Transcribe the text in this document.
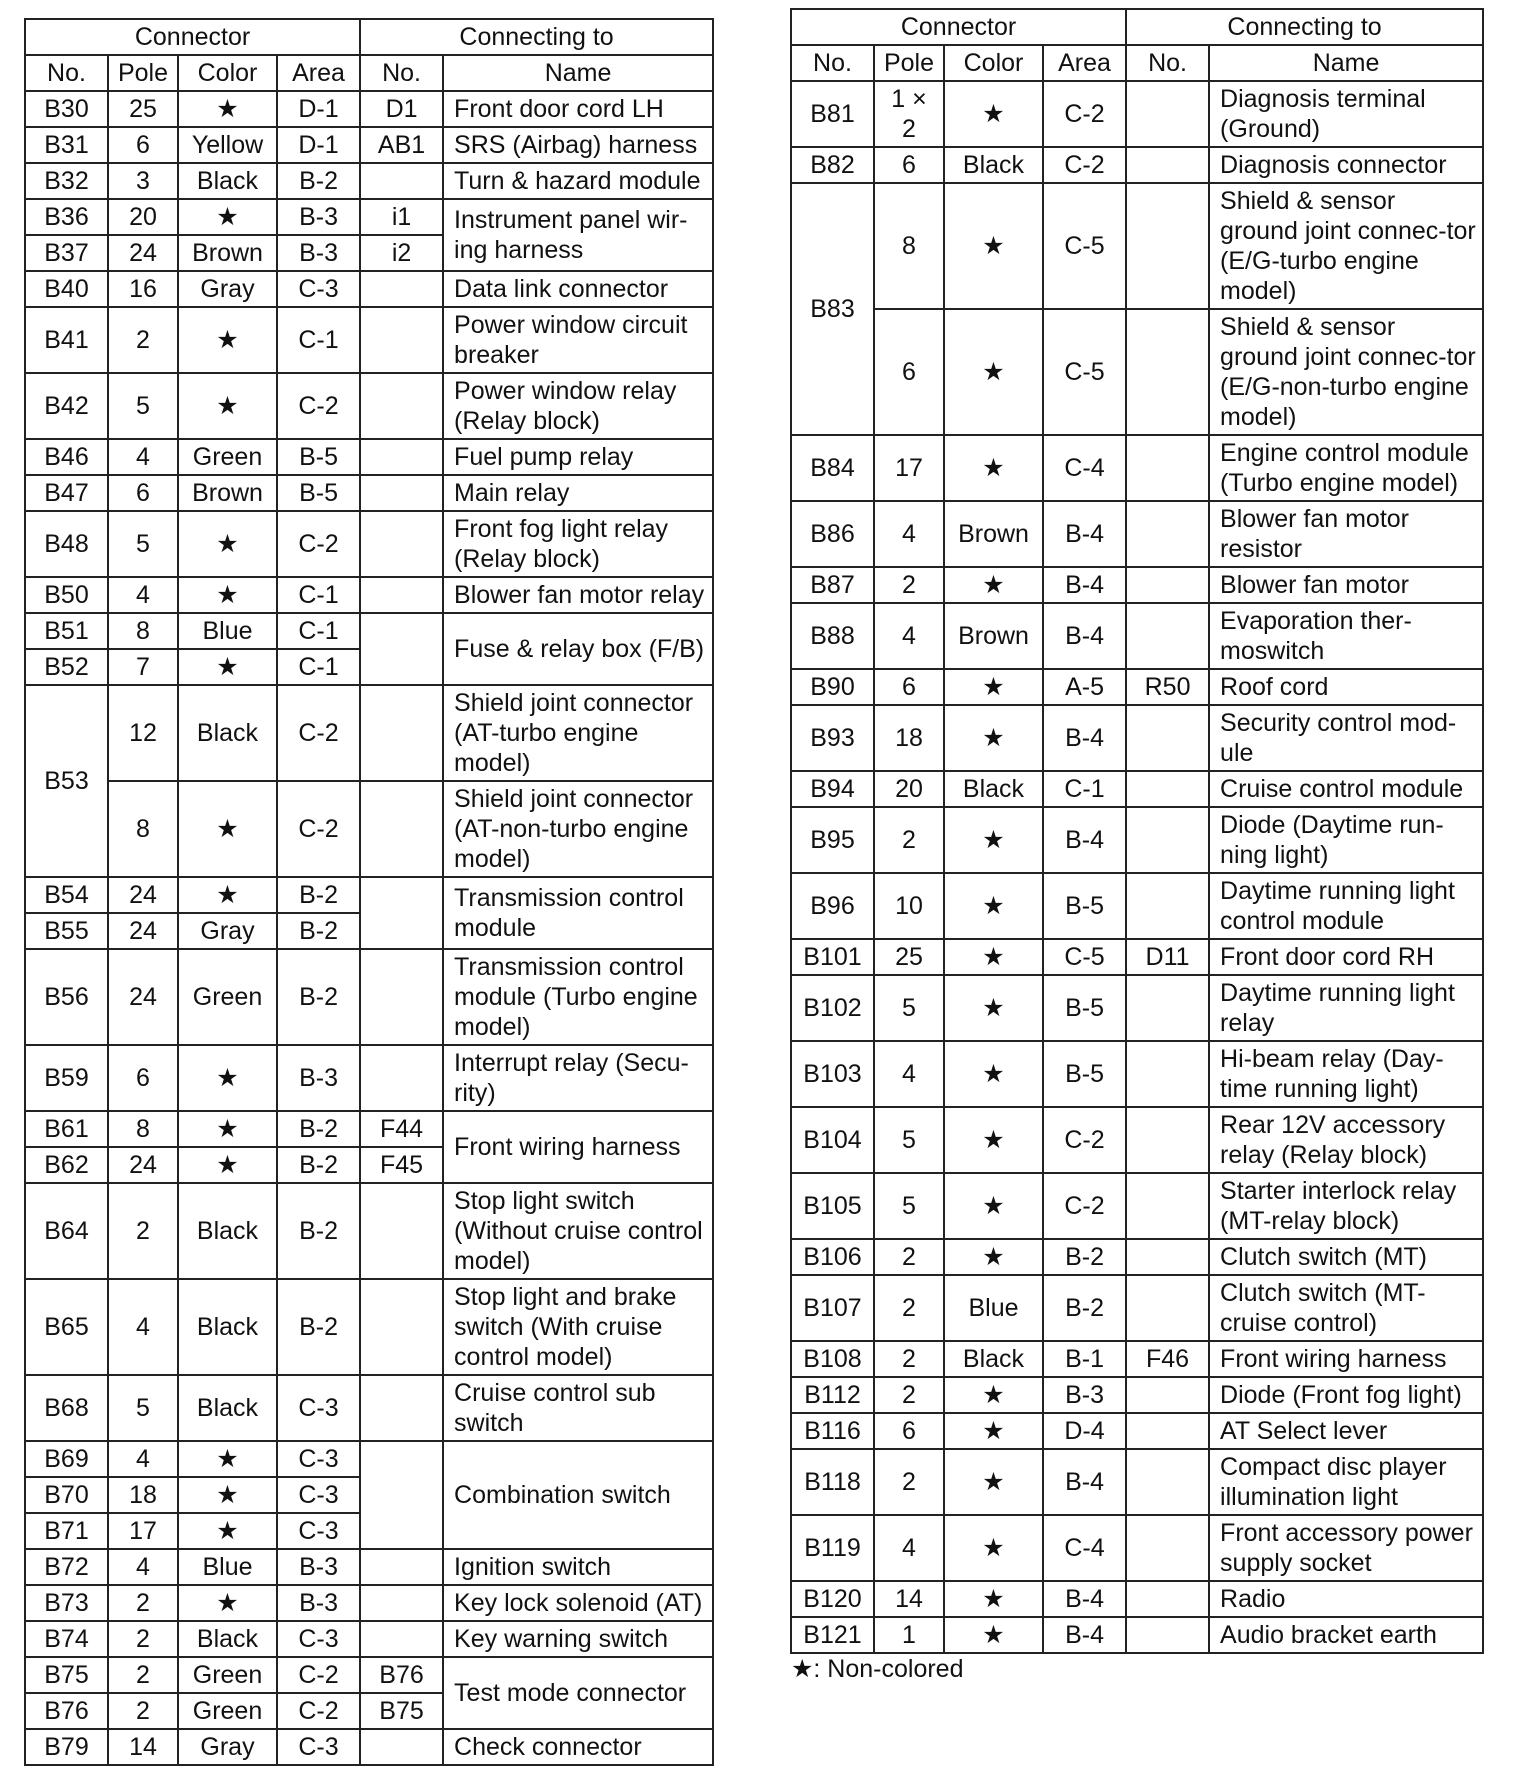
Connector				Connecting to	
No.	Pole	Color	Area	No.	Name
B30	25	★	D-1	D1	Front door cord LH
B31	6	Yellow	D-1	AB1	SRS (Airbag) harness
B32	3	Black	B-2		Turn & hazard module
B36	20	★	B-3	i1	Instrument panel wir-ing harness
B37	24	Brown	B-3	i2	
B40	16	Gray	C-3		Data link connector
B41	2	★	C-1		Power window circuit breaker
B42	5	★	C-2		Power window relay (Relay block)
B46	4	Green	B-5		Fuel pump relay
B47	6	Brown	B-5		Main relay
B48	5	★	C-2		Front fog light relay (Relay block)
B50	4	★	C-1		Blower fan motor relay
B51	8	Blue	C-1		Fuse & relay box (F/B)
B52	7	★	C-1		
B53	12	Black	C-2		Shield joint connector (AT-turbo engine model)
	8	★	C-2		Shield joint connector (AT-non-turbo engine model)
B54	24	★	B-2		Transmission control module
B55	24	Gray	B-2		
B56	24	Green	B-2		Transmission control module (Turbo engine model)
B59	6	★	B-3		Interrupt relay (Secu-rity)
B61	8	★	B-2	F44	Front wiring harness
B62	24	★	B-2	F45	
B64	2	Black	B-2		Stop light switch (Without cruise control model)
B65	4	Black	B-2		Stop light and brake switch (With cruise control model)
B68	5	Black	C-3		Cruise control sub switch
B69	4	★	C-3		Combination switch
B70	18	★	C-3		
B71	17	★	C-3		
B72	4	Blue	B-3		Ignition switch
B73	2	★	B-3		Key lock solenoid (AT)
B74	2	Black	C-3		Key warning switch
B75	2	Green	C-2	B76	Test mode connector
B76	2	Green	C-2	B75	
B79	14	Gray	C-3		Check connector
Connector				Connecting to	
No.	Pole	Color	Area	No.	Name
B81	1 × 2	★	C-2		Diagnosis terminal (Ground)
B82	6	Black	C-2		Diagnosis connector
B83	8	★	C-5		Shield & sensor ground joint connec-tor (E/G-turbo engine model)
	6	★	C-5		Shield & sensor ground joint connec-tor (E/G-non-turbo engine model)
B84	17	★	C-4		Engine control module (Turbo engine model)
B86	4	Brown	B-4		Blower fan motor resistor
B87	2	★	B-4		Blower fan motor
B88	4	Brown	B-4		Evaporation ther-moswitch
B90	6	★	A-5	R50	Roof cord
B93	18	★	B-4		Security control mod-ule
B94	20	Black	C-1		Cruise control module
B95	2	★	B-4		Diode (Daytime run-ning light)
B96	10	★	B-5		Daytime running light control module
B101	25	★	C-5	D11	Front door cord RH
B102	5	★	B-5		Daytime running light relay
B103	4	★	B-5		Hi-beam relay (Day-time running light)
B104	5	★	C-2		Rear 12V accessory relay (Relay block)
B105	5	★	C-2		Starter interlock relay (MT-relay block)
B106	2	★	B-2		Clutch switch (MT)
B107	2	Blue	B-2		Clutch switch (MT-cruise control)
B108	2	Black	B-1	F46	Front wiring harness
B112	2	★	B-3		Diode (Front fog light)
B116	6	★	D-4		AT Select lever
B118	2	★	B-4		Compact disc player illumination light
B119	4	★	C-4		Front accessory power supply socket
B120	14	★	B-4		Radio
B121	1	★	B-4		Audio bracket earth
★: Non-colored
